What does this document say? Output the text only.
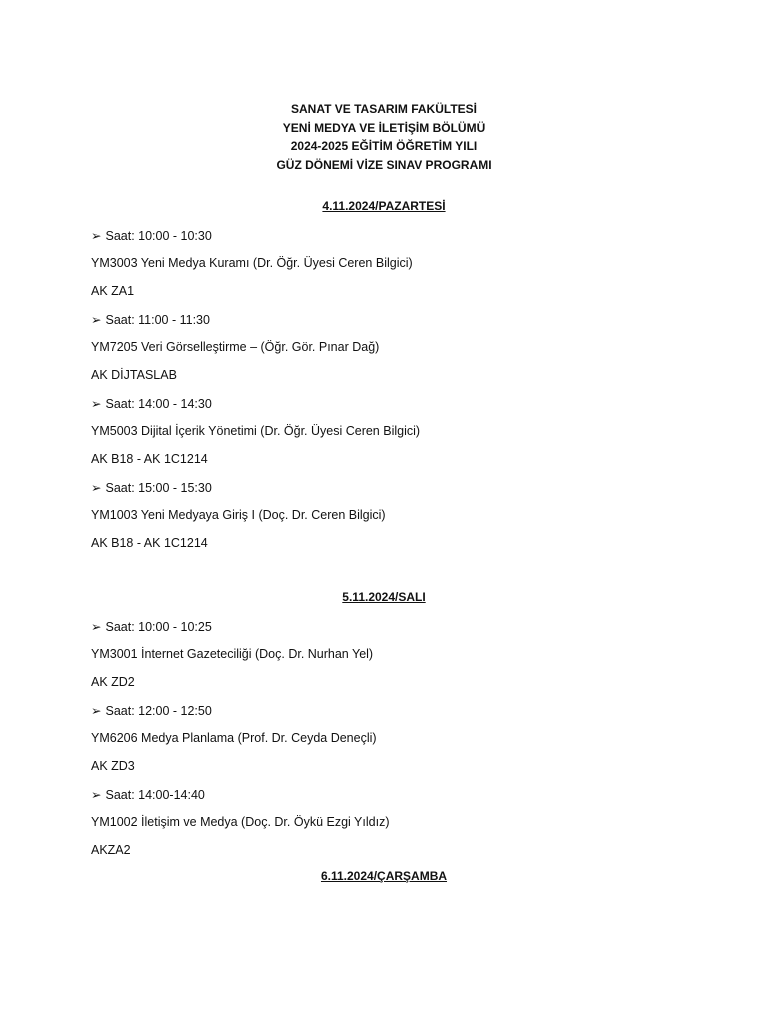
SANAT VE TASARIM FAKÜLTESİ
YENİ MEDYA VE İLETİŞİM BÖLÜMÜ
2024-2025 EĞİTİM ÖĞRETİM YILI
GÜZ DÖNEMİ VİZE SINAV PROGRAMI
4.11.2024/PAZARTESİ
➢ Saat: 10:00 - 10:30
YM3003 Yeni Medya Kuramı (Dr. Öğr. Üyesi Ceren Bilgici)
AK ZA1
➢ Saat: 11:00 - 11:30
YM7205 Veri Görselleştirme – (Öğr. Gör. Pınar Dağ)
AK DİJTASLAB
➢ Saat: 14:00 - 14:30
YM5003 Dijital İçerik Yönetimi (Dr. Öğr. Üyesi Ceren Bilgici)
AK B18 - AK 1C1214
➢ Saat: 15:00 - 15:30
YM1003 Yeni Medyaya Giriş I (Doç. Dr. Ceren Bilgici)
AK B18 - AK 1C1214
5.11.2024/SALI
➢ Saat: 10:00 - 10:25
YM3001 İnternet Gazeteciliği (Doç. Dr. Nurhan Yel)
AK ZD2
➢ Saat: 12:00 - 12:50
YM6206 Medya Planlama (Prof. Dr. Ceyda Deneçli)
AK ZD3
➢ Saat: 14:00-14:40
YM1002 İletişim ve Medya (Doç. Dr. Öykü Ezgi Yıldız)
AKZA2
6.11.2024/ÇARŞAMBA
